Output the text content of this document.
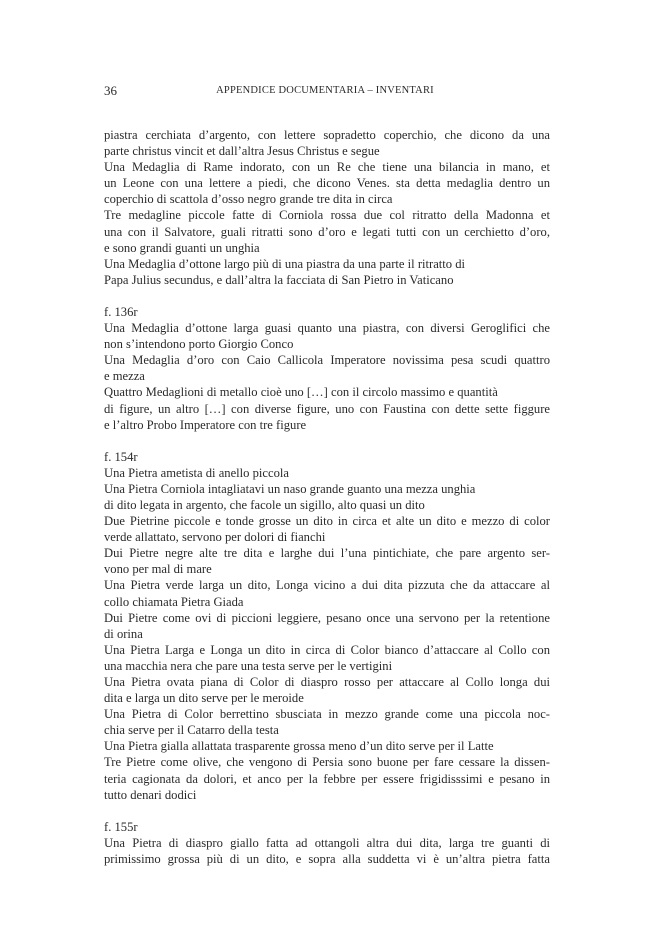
36	APPENDICE DOCUMENTARIA – INVENTARI
piastra cerchiata d’argento, con lettere sopradetto coperchio, che dicono da una
parte christus vincit et dall’altra Jesus Christus e segue
Una Medaglia di Rame indorato, con un Re che tiene una bilancia in mano, et
un Leone con una lettere a piedi, che dicono Venes. sta detta medaglia dentro un
coperchio di scattola d’osso negro grande tre dita in circa
Tre medagline piccole fatte di Corniola rossa due col ritratto della Madonna et
una con il Salvatore, guali ritratti sono d’oro e legati tutti con un cerchietto d’oro,
e sono grandi guanti un unghia
Una Medaglia d’ottone largo più di una piastra da una parte il ritratto di
Papa Julius secundus, e dall’altra la facciata di San Pietro in Vaticano
f. 136r
Una Medaglia d’ottone larga guasi quanto una piastra, con diversi Geroglifici che
non s’intendono porto Giorgio Conco
Una Medaglia d’oro con Caio Callicola Imperatore novissima pesa scudi quattro
e mezza
Quattro Medaglioni di metallo cioè uno […] con il circolo massimo e quantità
di figure, un altro […] con diverse figure, uno con Faustina con dette sette figgure
e l’altro Probo Imperatore con tre figure
f. 154r
Una Pietra ametista di anello piccola
Una Pietra Corniola intagliatavi un naso grande guanto una mezza unghia
di dito legata in argento, che facole un sigillo, alto quasi un dito
Due Pietrine piccole e tonde grosse un dito in circa et alte un dito e mezzo di color
verde allattato, servono per dolori di fianchi
Dui Pietre negre alte tre dita e larghe dui l’una pintichiate, che pare argento ser-
vono per mal di mare
Una Pietra verde larga un dito, Longa vicino a dui dita pizzuta che da attaccare al
collo chiamata Pietra Giada
Dui Pietre come ovi di piccioni leggiere, pesano once una servono per la retentione
di orina
Una Pietra Larga e Longa un dito in circa di Color bianco d’attaccare al Collo con
una macchia nera che pare una testa serve per le vertigini
Una Pietra ovata piana di Color di diaspro rosso per attaccare al Collo longa dui
dita e larga un dito serve per le meroide
Una Pietra di Color berrettino sbusciata in mezzo grande come una piccola noc-
chia serve per il Catarro della testa
Una Pietra gialla allattata trasparente grossa meno d’un dito serve per il Latte
Tre Pietre come olive, che vengono di Persia sono buone per fare cessare la dissen-
teria cagionata da dolori, et anco per la febbre per essere frigidisssimi e pesano in
tutto denari dodici
f. 155r
Una Pietra di diaspro giallo fatta ad ottangoli altra dui dita, larga tre guanti di
primissimo grossa più di un dito, e sopra alla suddetta vi è un’altra pietra fatta
